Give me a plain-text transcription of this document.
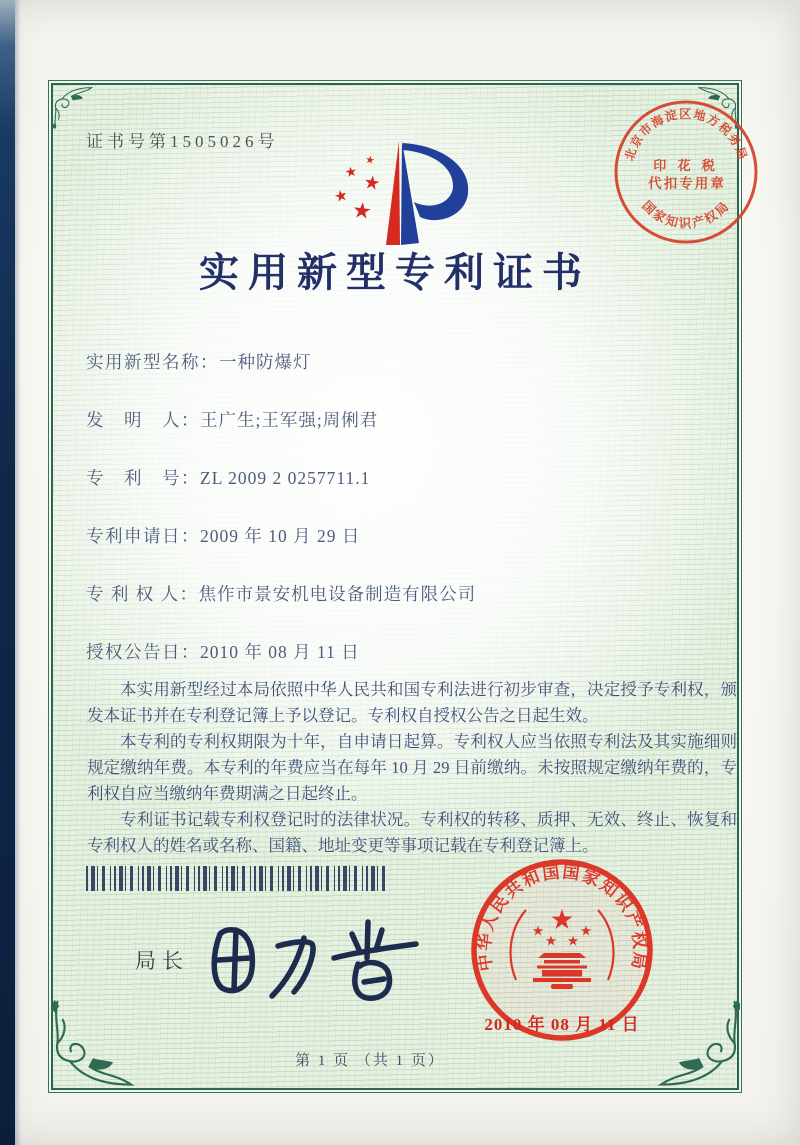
证书号第1505026号
北京市海淀区地方税务局
印 花 税
代扣专用章
国家知识产权局
实用新型专利证书
实用新型名称：一种防爆灯
发　明　人：王广生;王军强;周俐君
专　利　号：ZL 2009 2 0257711.1
专利申请日：2009 年 10 月 29 日
专 利 权 人：焦作市景安机电设备制造有限公司
授权公告日：2010 年 08 月 11 日

本实用新型经过本局依照中华人民共和国专利法进行初步审查，决定授予专利权，颁发本证书并在专利登记簿上予以登记。专利权自授权公告之日起生效。

本专利的专利权期限为十年，自申请日起算。专利权人应当依照专利法及其实施细则规定缴纳年费。本专利的年费应当在每年 10 月 29 日前缴纳。未按照规定缴纳年费的，专利权自应当缴纳年费期满之日起终止。

专利证书记载专利权登记时的法律状况。专利权的转移、质押、无效、终止、恢复和专利权人的姓名或名称、国籍、地址变更等事项记载在专利登记簿上。

局长	中华人民共和国国家知识产权局
2010 年 08 月 11 日
第 1 页 （共 1 页）
